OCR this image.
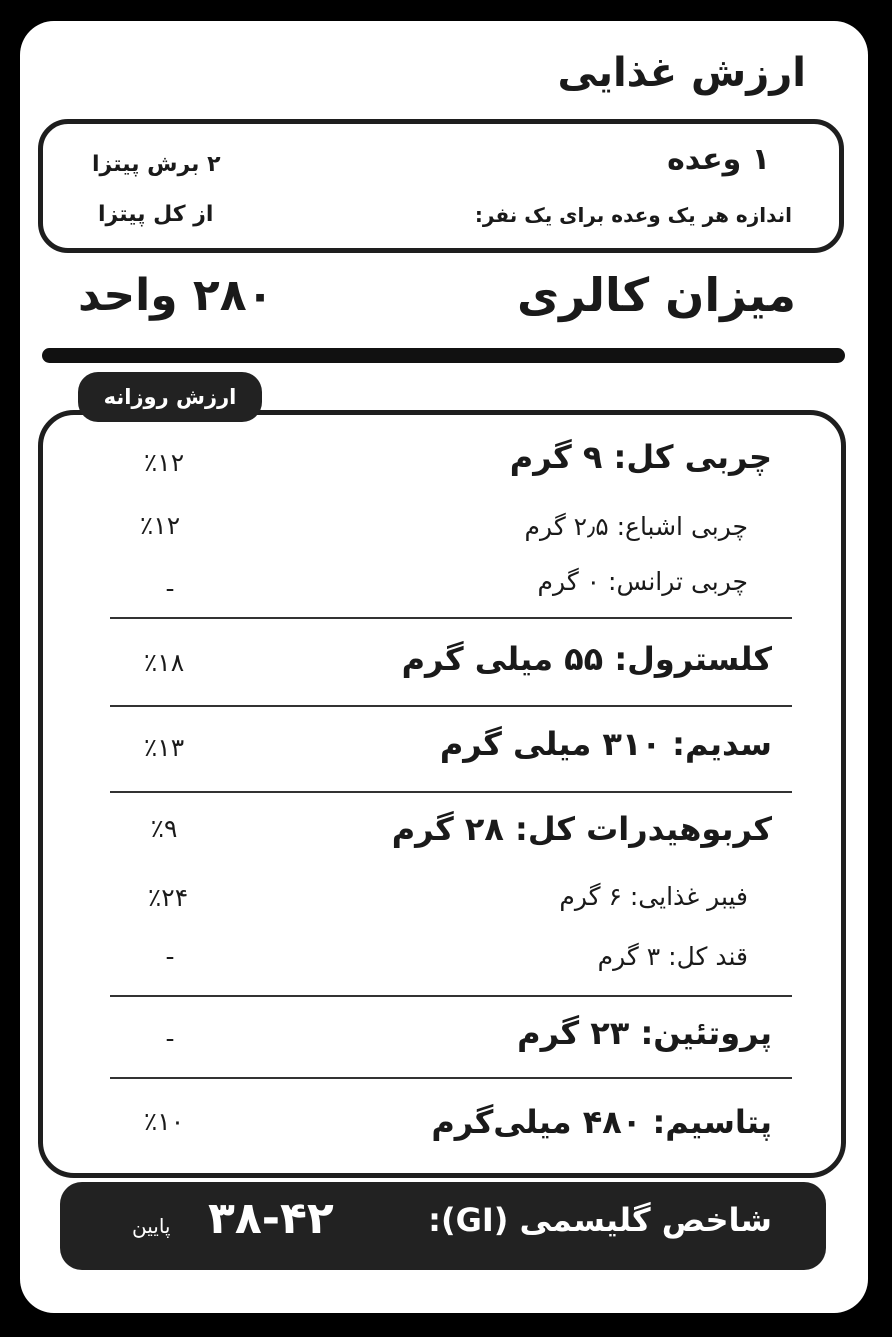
ارزش غذایی
۱ وعده
اندازه هر یک وعده برای یک نفر:
۲ برش پیتزا
از کل پیتزا
میزان کالری
۲۸۰ واحد
ارزش روزانه
چربی کل: ۹ گرم
٪۱۲
چربی اشباع: ۲٫۵ گرم
٪۱۲
چربی ترانس: ۰ گرم
-
کلسترول: ۵۵ میلی گرم
٪۱۸
سدیم: ۳۱۰ میلی گرم
٪۱۳
کربوهیدرات کل: ۲۸ گرم
٪۹
فیبر غذایی: ۶ گرم
٪۲۴
قند کل: ۳ گرم
-
پروتئین: ۲۳ گرم
-
پتاسیم: ۴۸۰ میلی‌گرم
٪۱۰
شاخص گلیسمی (GI):
۳۸-۴۲
پایین
